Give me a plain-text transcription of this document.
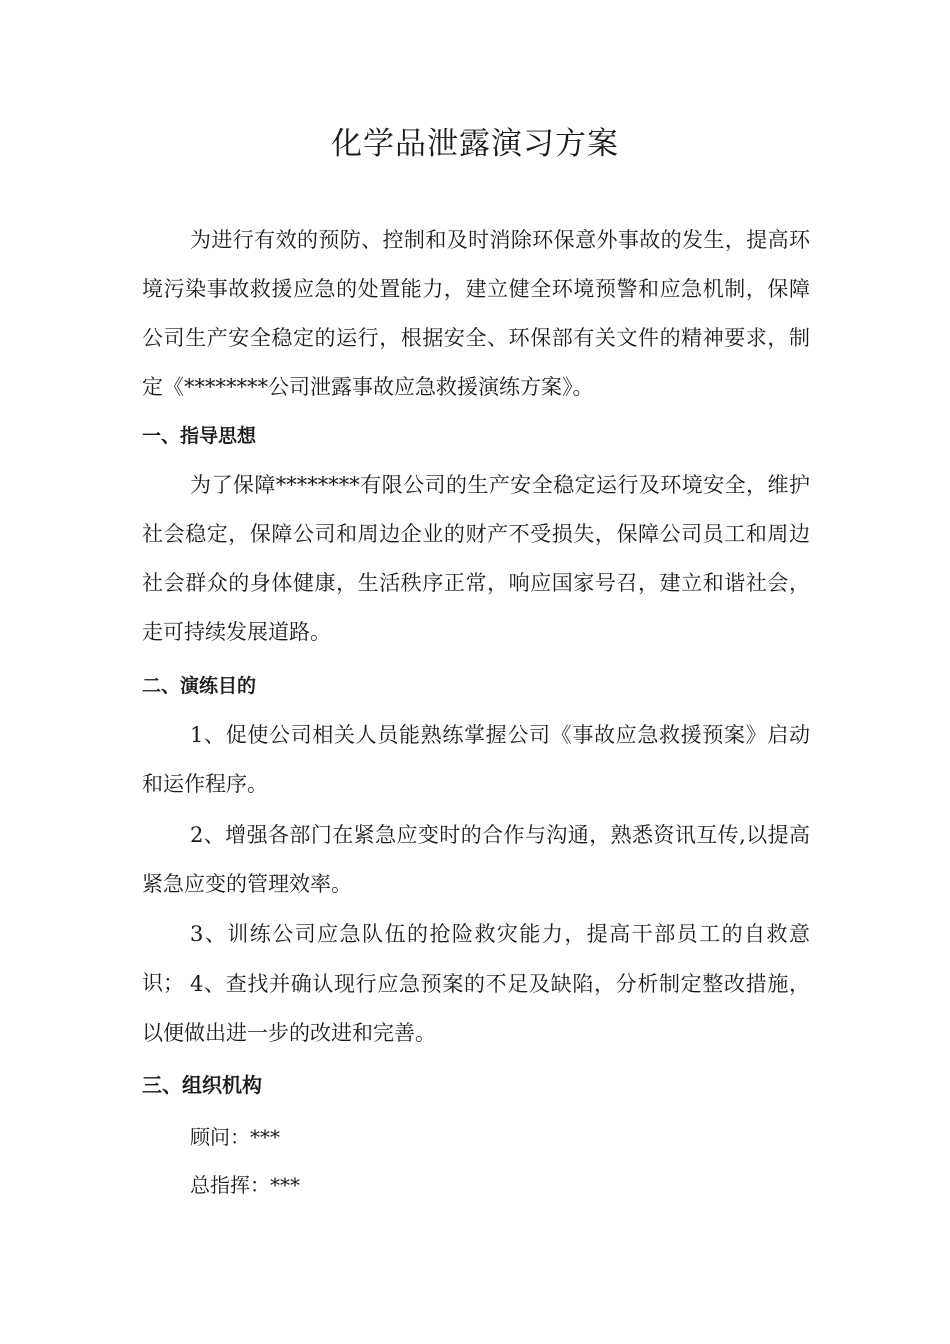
化学品泄露演习方案

为进行有效的预防、控制和及时消除环保意外事故的发生，提高环境污染事故救援应急的处置能力，建立健全环境预警和应急机制，保障公司生产安全稳定的运行，根据安全、环保部有关文件的精神要求，制定《********公司泄露事故应急救援演练方案》。

一、指导思想

为了保障********有限公司的生产安全稳定运行及环境安全，维护社会稳定，保障公司和周边企业的财产不受损失，保障公司员工和周边社会群众的身体健康，生活秩序正常，响应国家号召，建立和谐社会，走可持续发展道路。

二、演练目的

1、促使公司相关人员能熟练掌握公司《事故应急救援预案》启动和运作程序。

2、增强各部门在紧急应变时的合作与沟通，熟悉资讯互传,以提高紧急应变的管理效率。

3、训练公司应急队伍的抢险救灾能力，提高干部员工的自救意识； 4、查找并确认现行应急预案的不足及缺陷，分析制定整改措施，以便做出进一步的改进和完善。

三、组织机构

顾问：***

总指挥：***
